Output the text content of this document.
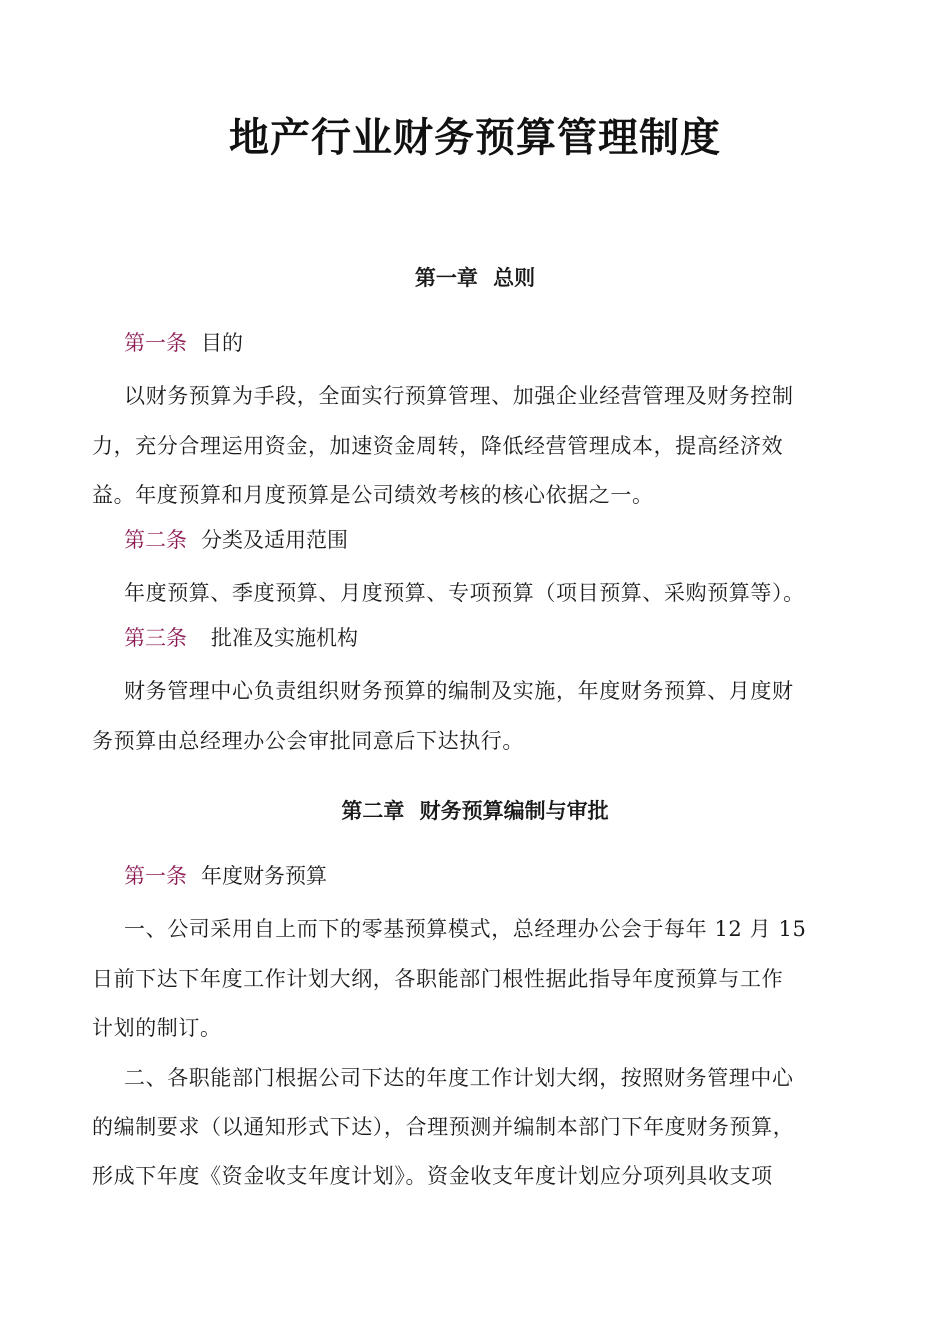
地产行业财务预算管理制度
第一章 总则
第一条 目的
以财务预算为手段，全面实行预算管理、加强企业经营管理及财务控制
力，充分合理运用资金，加速资金周转，降低经营管理成本，提高经济效
益。年度预算和月度预算是公司绩效考核的核心依据之一。
第二条 分类及适用范围
年度预算、季度预算、月度预算、专项预算（项目预算、采购预算等）。
第三条 批准及实施机构
财务管理中心负责组织财务预算的编制及实施，年度财务预算、月度财
务预算由总经理办公会审批同意后下达执行。
第二章 财务预算编制与审批
第一条 年度财务预算
一、公司采用自上而下的零基预算模式，总经理办公会于每年 12 月 15
日前下达下年度工作计划大纲，各职能部门根性据此指导年度预算与工作
计划的制订。
二、各职能部门根据公司下达的年度工作计划大纲，按照财务管理中心
的编制要求（以通知形式下达），合理预测并编制本部门下年度财务预算，
形成下年度《资金收支年度计划》。资金收支年度计划应分项列具收支项
